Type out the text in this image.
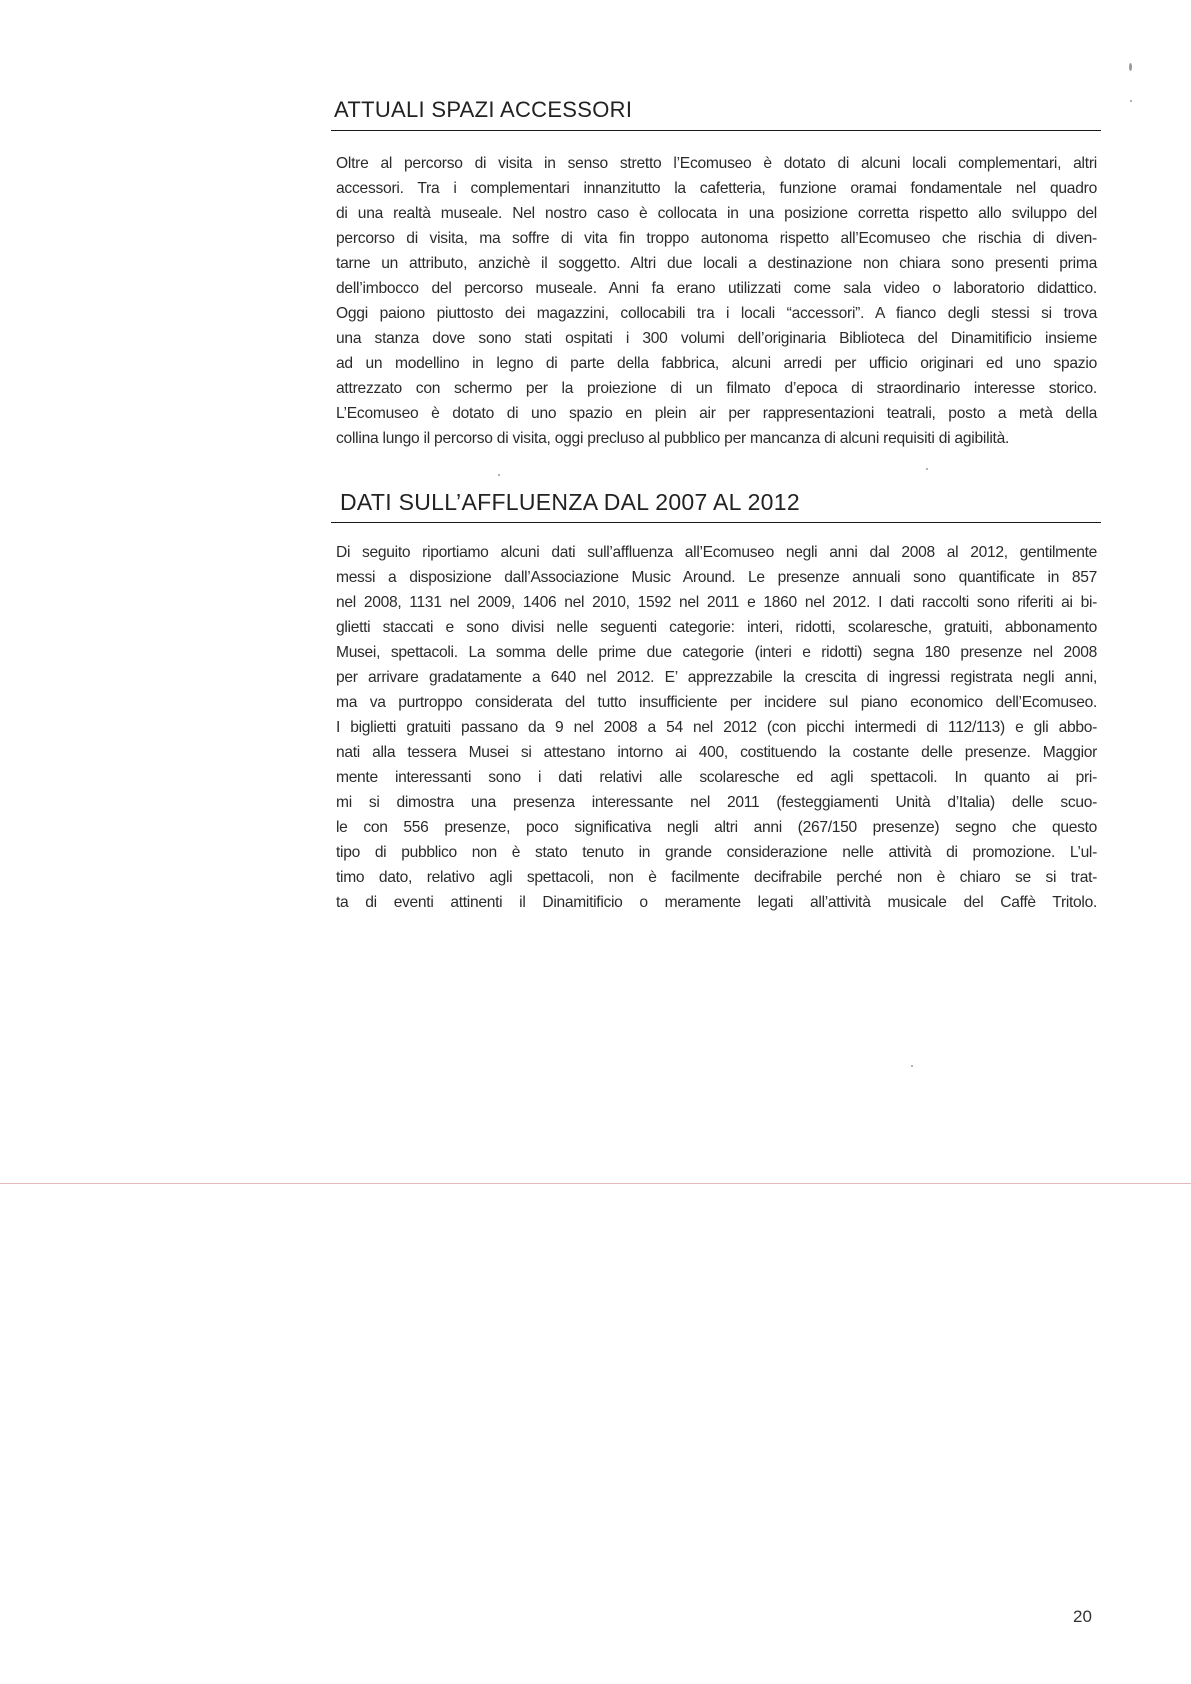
ATTUALI SPAZI ACCESSORI
Oltre al percorso di visita in senso stretto l’Ecomuseo è dotato di alcuni locali complementari, altri
accessori. Tra i complementari innanzitutto la cafetteria, funzione oramai fondamentale nel quadro
di una realtà museale. Nel nostro caso è collocata in una posizione corretta rispetto allo sviluppo del
percorso di visita, ma soffre di vita fin troppo autonoma rispetto all’Ecomuseo che rischia di diven-
tarne un attributo, anzichè il soggetto. Altri due locali a destinazione non chiara sono presenti prima
dell’imbocco del percorso museale. Anni fa erano utilizzati come sala video o laboratorio didattico.
Oggi paiono piuttosto dei magazzini, collocabili tra i locali “accessori”. A fianco degli stessi si trova
una stanza dove sono stati ospitati i 300 volumi dell’originaria Biblioteca del Dinamitificio insieme
ad un modellino in legno di parte della fabbrica, alcuni arredi per ufficio originari ed uno spazio
attrezzato con schermo per la proiezione di un filmato d’epoca di straordinario interesse storico.
L’Ecomuseo è dotato di uno spazio en plein air per rappresentazioni teatrali, posto a metà della
collina lungo il percorso di visita, oggi precluso al pubblico per mancanza di alcuni requisiti di agibilità.
DATI SULL’AFFLUENZA DAL 2007 AL 2012
Di seguito riportiamo alcuni dati sull’affluenza all’Ecomuseo negli anni dal 2008 al 2012, gentilmente
messi a disposizione dall’Associazione Music Around. Le presenze annuali sono quantificate in 857
nel 2008, 1131 nel 2009, 1406 nel 2010, 1592 nel 2011 e 1860 nel 2012. I dati raccolti sono riferiti ai bi-
glietti staccati e sono divisi nelle seguenti categorie: interi, ridotti, scolaresche, gratuiti, abbonamento
Musei, spettacoli. La somma delle prime due categorie (interi e ridotti) segna 180 presenze nel 2008
per arrivare gradatamente a 640 nel 2012. E’ apprezzabile la crescita di ingressi registrata negli anni,
ma va purtroppo considerata del tutto insufficiente per incidere sul piano economico dell’Ecomuseo.
I biglietti gratuiti passano da 9 nel 2008 a 54 nel 2012 (con picchi intermedi di 112/113) e gli abbo-
nati alla tessera Musei si attestano intorno ai 400, costituendo la costante delle presenze. Maggior
mente interessanti sono i dati relativi alle scolaresche ed agli spettacoli. In quanto ai pri-
mi si dimostra una presenza interessante nel 2011 (festeggiamenti Unità d’Italia) delle scuo-
le con 556 presenze, poco significativa negli altri anni (267/150 presenze) segno che questo
tipo di pubblico non è stato tenuto in grande considerazione nelle attività di promozione. L’ul-
timo dato, relativo agli spettacoli, non è facilmente decifrabile perché non è chiaro se si trat-
ta di eventi attinenti il Dinamitificio o meramente legati all’attività musicale del Caffè Tritolo.
20
